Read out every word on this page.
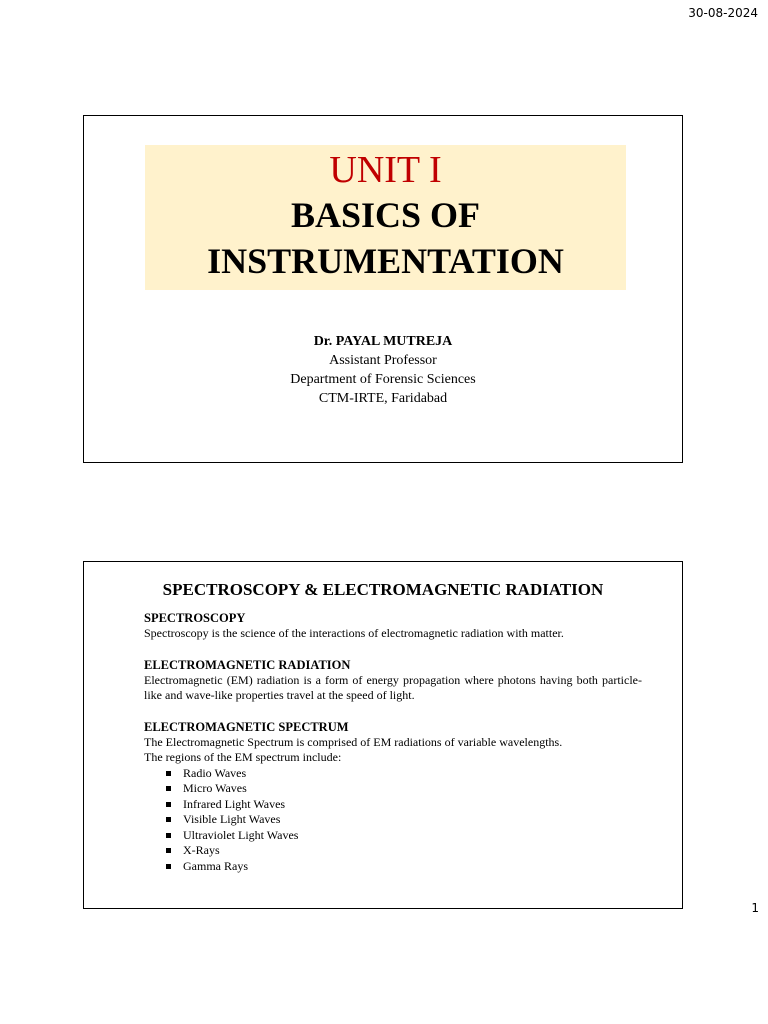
30-08-2024
UNIT I
BASICS OF
INSTRUMENTATION
Dr. PAYAL MUTREJA
Assistant Professor
Department of Forensic Sciences
CTM-IRTE, Faridabad
SPECTROSCOPY & ELECTROMAGNETIC RADIATION
SPECTROSCOPY

Spectroscopy is the science of the interactions of electromagnetic radiation with matter.

ELECTROMAGNETIC RADIATION

Electromagnetic (EM) radiation is a form of energy propagation where photons having both particle-like and wave-like properties travel at the speed of light.

ELECTROMAGNETIC SPECTRUM

The Electromagnetic Spectrum is comprised of EM radiations of variable wavelengths.

The regions of the EM spectrum include:

Radio Waves
Micro Waves
Infrared Light Waves
Visible Light Waves
Ultraviolet Light Waves
X-Rays
Gamma Rays
1
